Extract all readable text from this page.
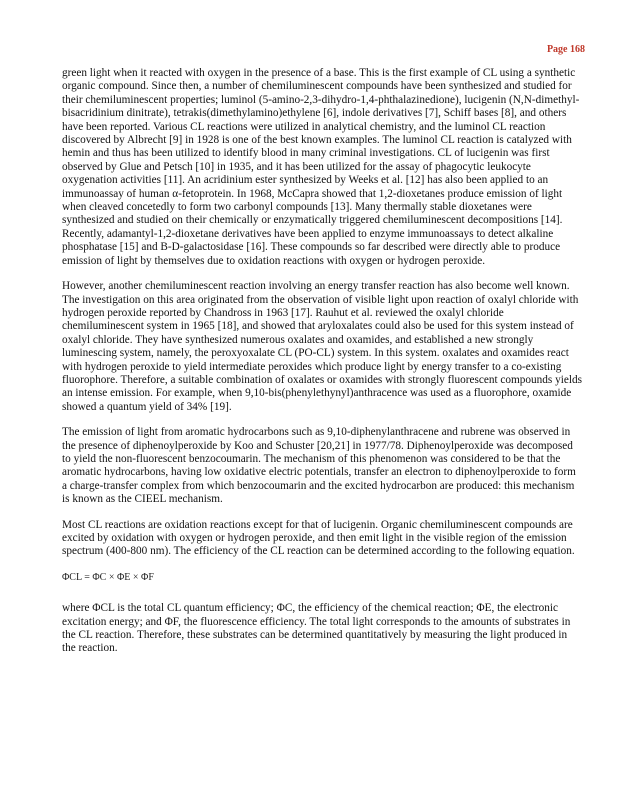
Page 168

green light when it reacted with oxygen in the presence of a base. This is the first example of CL using a synthetic organic compound. Since then, a number of chemiluminescent compounds have been synthesized and studied for their chemiluminescent properties; luminol (5-amino-2,3-dihydro-1,4-phthalazinedione), lucigenin (N,N-dimethyl-bisacridinium dinitrate), tetrakis(dimethylamino)ethylene [6], indole derivatives [7], Schiff bases [8], and others have been reported. Various CL reactions were utilized in analytical chemistry, and the luminol CL reaction discovered by Albrecht [9] in 1928 is one of the best known examples. The luminol CL reaction is catalyzed with hemin and thus has been utilized to identify blood in many criminal investigations. CL of lucigenin was first observed by Glue and Petsch [10] in 1935, and it has been utilized for the assay of phagocytic leukocyte oxygenation activities [11]. An acridinium ester synthesized by Weeks et al. [12] has also been applied to an immunoassay of human α-fetoprotein. In 1968, McCapra showed that 1,2-dioxetanes produce emission of light when cleaved concetedly to form two carbonyl compounds [13]. Many thermally stable dioxetanes were synthesized and studied on their chemically or enzymatically triggered chemiluminescent decompositions [14]. Recently, adamantyl-1,2-dioxetane derivatives have been applied to enzyme immunoassays to detect alkaline phosphatase [15] and B-D-galactosidase [16]. These compounds so far described were directly able to produce emission of light by themselves due to oxidation reactions with oxygen or hydrogen peroxide.

However, another chemiluminescent reaction involving an energy transfer reaction has also become well known. The investigation on this area originated from the observation of visible light upon reaction of oxalyl chloride with hydrogen peroxide reported by Chandross in 1963 [17]. Rauhut et al. reviewed the oxalyl chloride chemiluminescent system in 1965 [18], and showed that aryloxalates could also be used for this system instead of oxalyl chloride. They have synthesized numerous oxalates and oxamides, and established a new strongly luminescing system, namely, the peroxyoxalate CL (PO-CL) system. In this system. oxalates and oxamides react with hydrogen peroxide to yield intermediate peroxides which produce light by energy transfer to a co-existing fluorophore. Therefore, a suitable combination of oxalates or oxamides with strongly fluorescent compounds yields an intense emission. For example, when 9,10-bis(phenylethynyl)anthracence was used as a fluorophore, oxamide showed a quantum yield of 34% [19].

The emission of light from aromatic hydrocarbons such as 9,10-diphenylanthracene and rubrene was observed in the presence of diphenoylperoxide by Koo and Schuster [20,21] in 1977/78. Diphenoylperoxide was decomposed to yield the non-fluorescent benzocoumarin. The mechanism of this phenomenon was considered to be that the aromatic hydrocarbons, having low oxidative electric potentials, transfer an electron to diphenoylperoxide to form a charge-transfer complex from which benzocoumarin and the excited hydrocarbon are produced: this mechanism is known as the CIEEL mechanism.

Most CL reactions are oxidation reactions except for that of lucigenin. Organic chemiluminescent compounds are excited by oxidation with oxygen or hydrogen peroxide, and then emit light in the visible region of the emission spectrum (400-800 nm). The efficiency of the CL reaction can be determined according to the following equation.

ΦCL = ΦC × ΦE × ΦF

where ΦCL is the total CL quantum efficiency; ΦC, the efficiency of the chemical reaction; ΦE, the electronic excitation energy; and ΦF, the fluorescence efficiency. The total light corresponds to the amounts of substrates in the CL reaction. Therefore, these substrates can be determined quantitatively by measuring the light produced in the reaction.
